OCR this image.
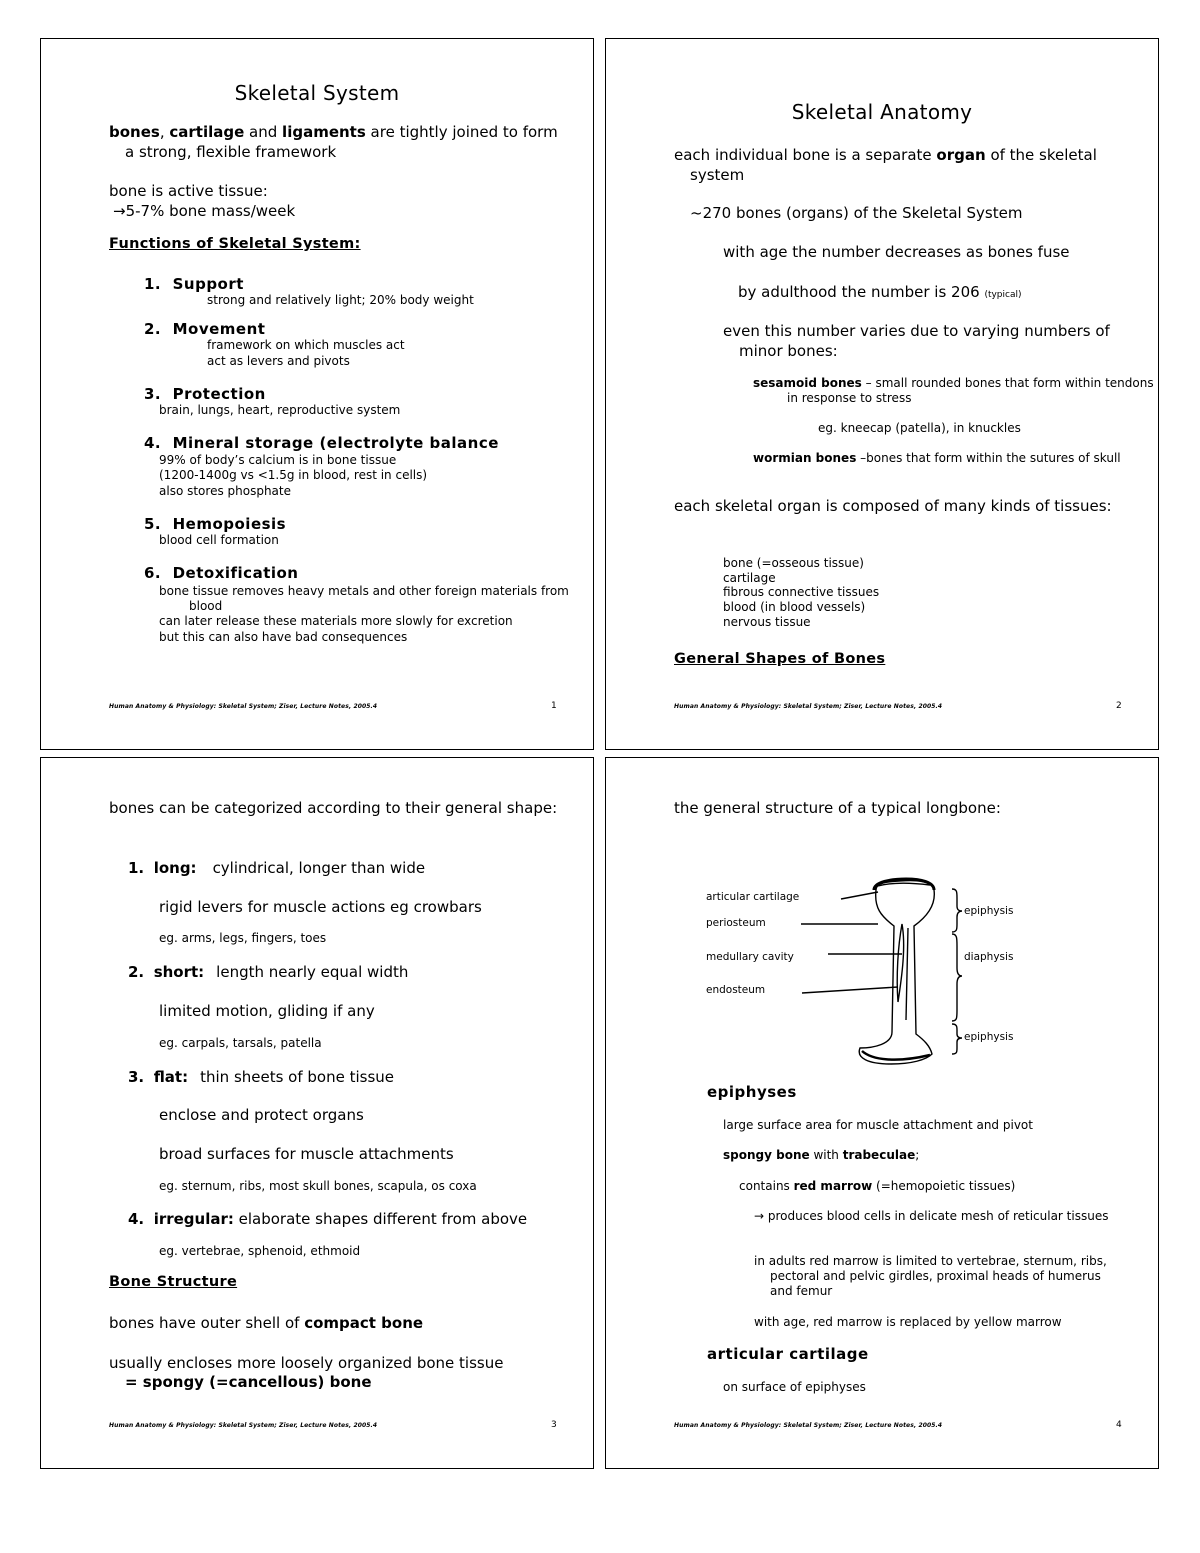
Skeletal System
bones, cartilage and ligaments are tightly joined to form a strong, flexible framework
bone is active tissue:
→5-7% bone mass/week
Functions of Skeletal System:
1. Support
strong and relatively light; 20% body weight
2. Movement
framework on which muscles act
act as levers and pivots
3. Protection
brain, lungs, heart, reproductive system
4. Mineral storage (electrolyte balance
99% of body’s calcium is in bone tissue
(1200-1400g vs <1.5g in blood, rest in cells)
also stores phosphate
5. Hemopoiesis
blood cell formation
6. Detoxification
bone tissue removes heavy metals and other foreign materials from blood
can later release these materials more slowly for excretion
but this can also have bad consequences
Human Anatomy & Physiology: Skeletal System; Ziser, Lecture Notes, 2005.4	1
Skeletal Anatomy
each individual bone is a separate organ of the skeletal system
~270 bones (organs) of the Skeletal System
with age the number decreases as bones fuse
by adulthood the number is 206 (typical)
even this number varies due to varying numbers of minor bones:
sesamoid bones – small rounded bones that form within tendons in response to stress
eg. kneecap (patella), in knuckles
wormian bones –bones that form within the sutures of skull
each skeletal organ is composed of many kinds of tissues:
bone (=osseous tissue)
cartilage
fibrous connective tissues
blood (in blood vessels)
nervous tissue
General Shapes of Bones
Human Anatomy & Physiology: Skeletal System; Ziser, Lecture Notes, 2005.4	2
bones can be categorized according to their general shape:
1. long: cylindrical, longer than wide
rigid levers for muscle actions eg crowbars
eg. arms, legs, fingers, toes
2. short: length nearly equal width
limited motion, gliding if any
eg. carpals, tarsals, patella
3. flat: thin sheets of bone tissue
enclose and protect organs
broad surfaces for muscle attachments
eg. sternum, ribs, most skull bones, scapula, os coxa
4. irregular: elaborate shapes different from above
eg. vertebrae, sphenoid, ethmoid
Bone Structure
bones have outer shell of compact bone
usually encloses more loosely organized bone tissue
= spongy (=cancellous) bone
Human Anatomy & Physiology: Skeletal System; Ziser, Lecture Notes, 2005.4	3
the general structure of a typical longbone:
articular cartilage
periosteum
medullary cavity
endosteum
epiphysis
diaphysis
epiphysis
epiphyses
large surface area for muscle attachment and pivot
spongy bone with trabeculae;
contains red marrow (=hemopoietic tissues)
→ produces blood cells in delicate mesh of reticular tissues
in adults red marrow is limited to vertebrae, sternum, ribs, pectoral and pelvic girdles, proximal heads of humerus and femur
with age, red marrow is replaced by yellow marrow
articular cartilage
on surface of epiphyses
Human Anatomy & Physiology: Skeletal System; Ziser, Lecture Notes, 2005.4	4
